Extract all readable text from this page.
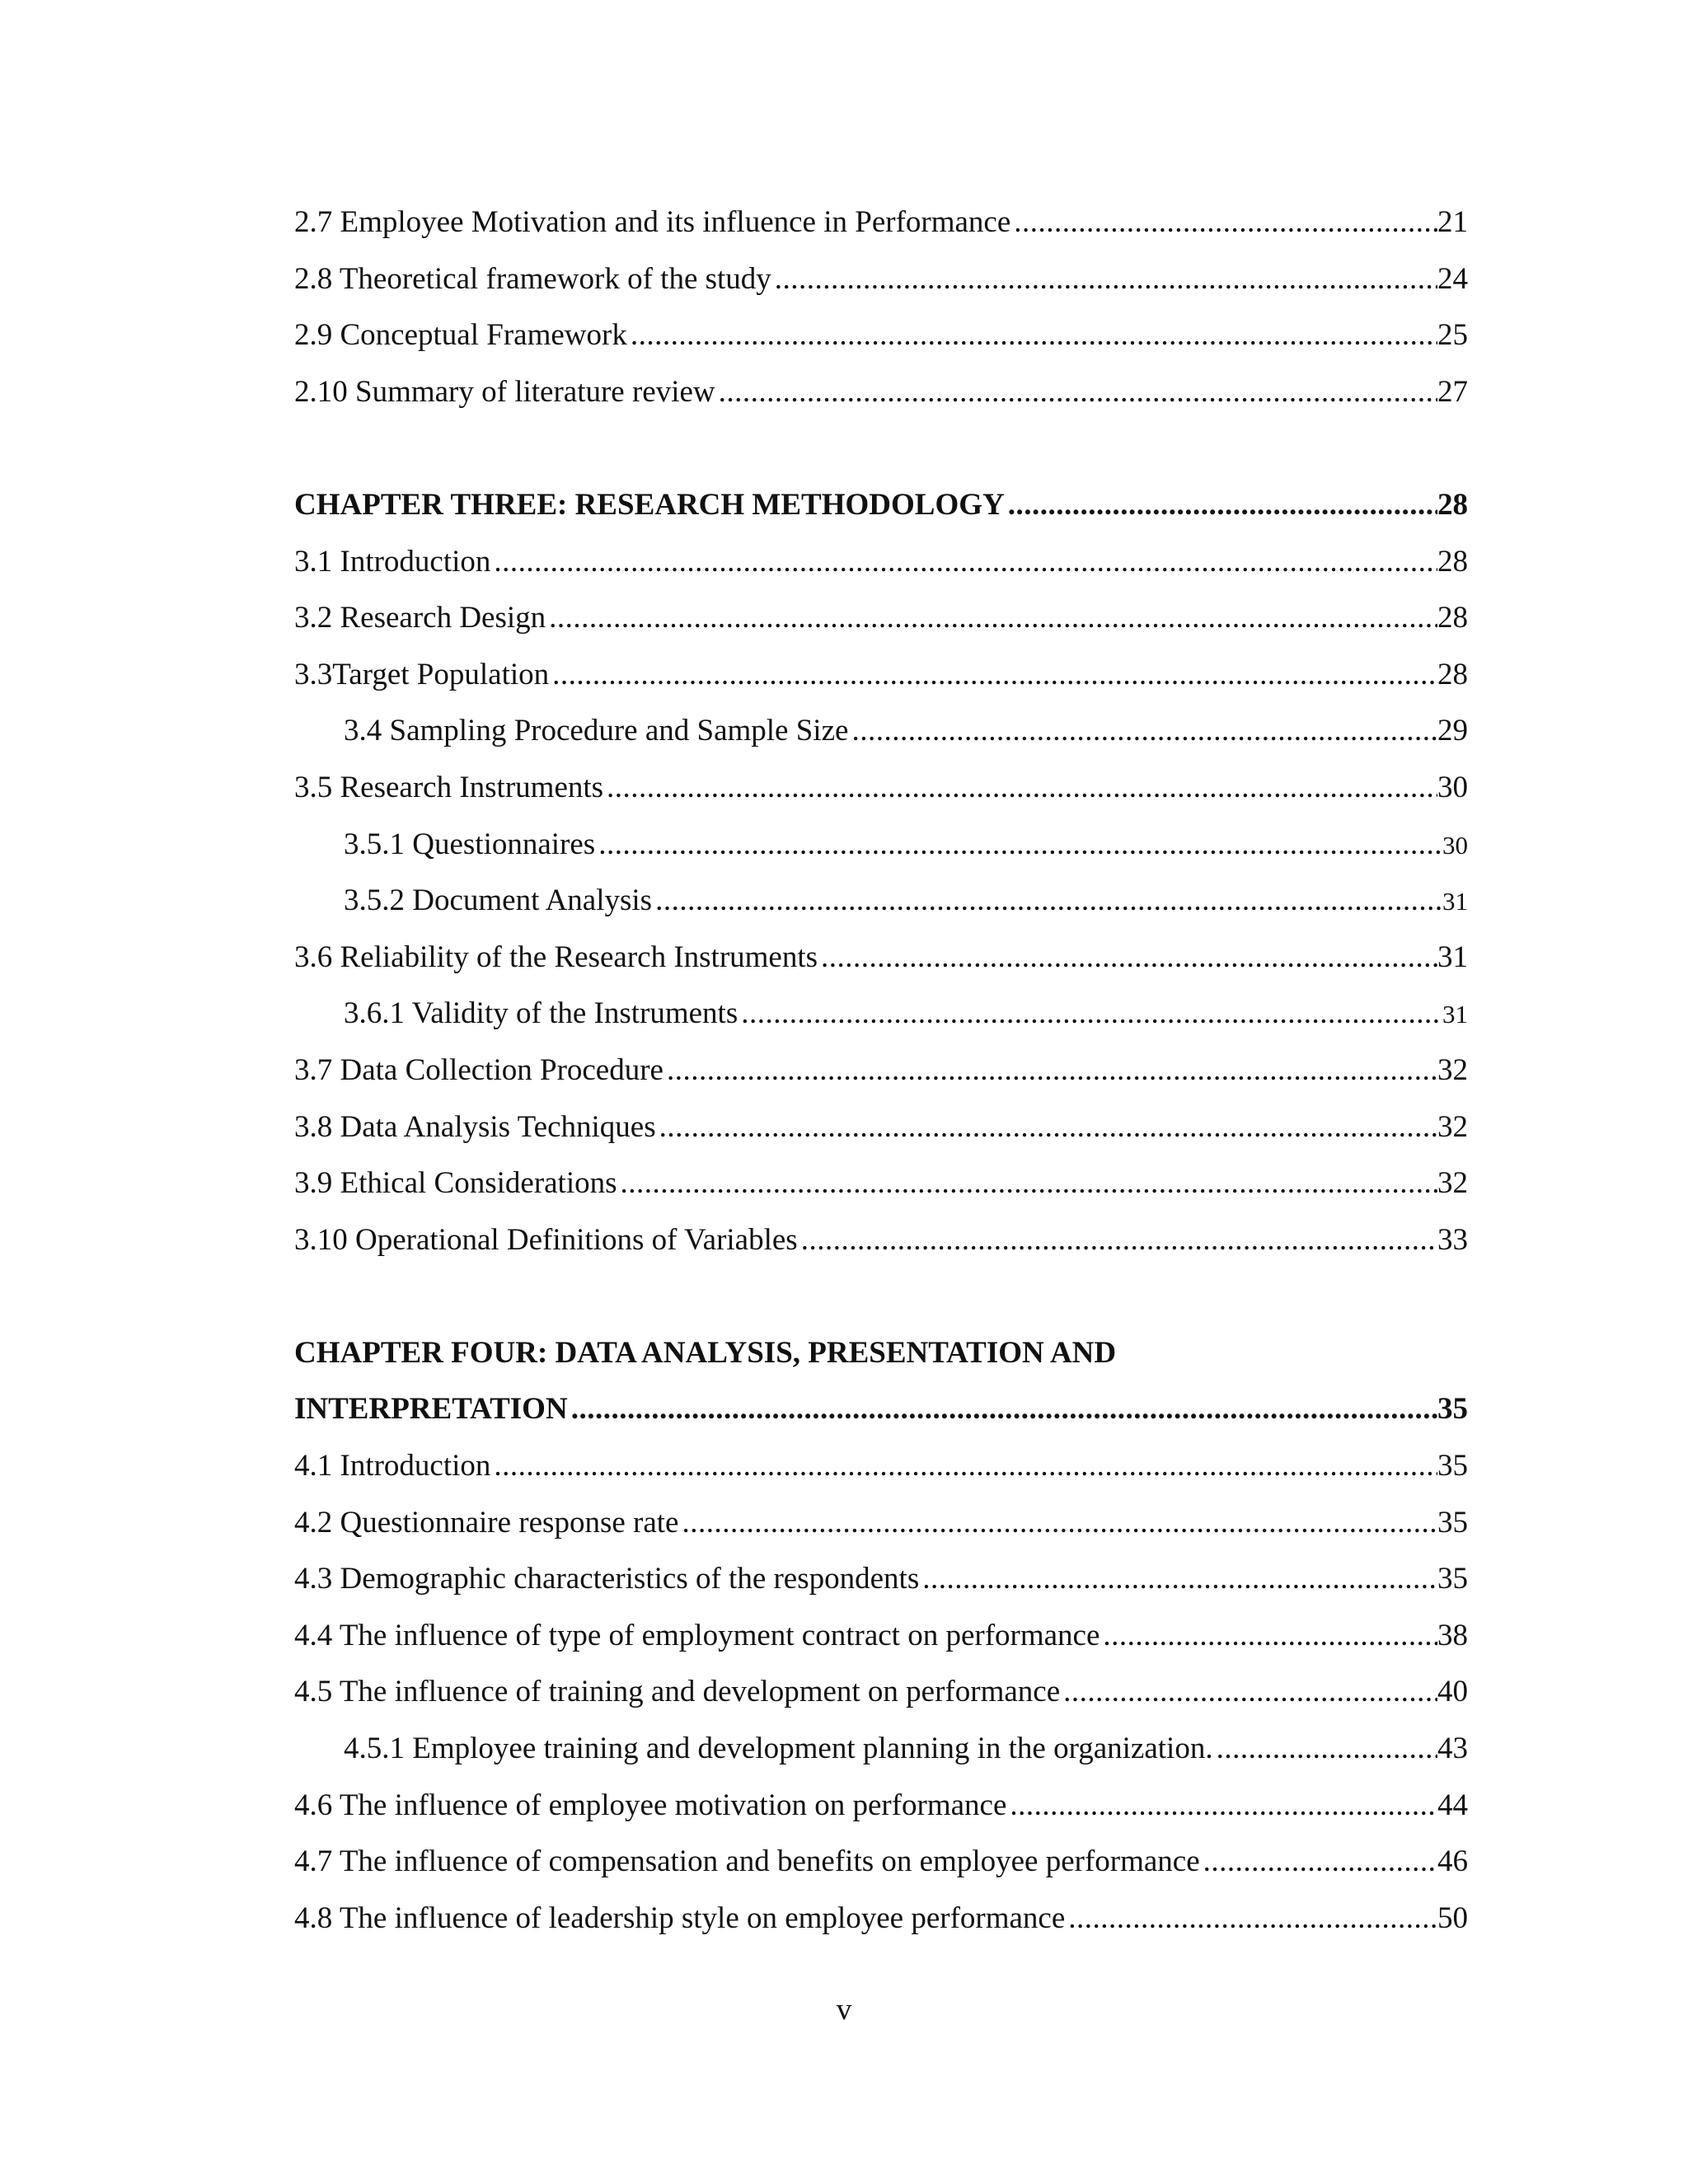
2.7 Employee Motivation and its influence in Performance .....	21
2.8 Theoretical framework of the study .....	24
2.9 Conceptual Framework .....	25
2.10 Summary of literature review .....	27
CHAPTER THREE: RESEARCH METHODOLOGY .....	28
3.1 Introduction .....	28
3.2 Research Design .....	28
3.3Target Population .....	28
3.4 Sampling Procedure and Sample Size .....	29
3.5 Research Instruments .....	30
3.5.1 Questionnaires .....	30
3.5.2 Document Analysis .....	31
3.6 Reliability of the Research Instruments .....	31
3.6.1 Validity of the Instruments .....	31
3.7 Data Collection Procedure .....	32
3.8 Data Analysis Techniques .....	32
3.9 Ethical Considerations .....	32
3.10 Operational Definitions of Variables .....	33
CHAPTER FOUR: DATA ANALYSIS, PRESENTATION AND
INTERPRETATION .....	35
4.1 Introduction .....	35
4.2 Questionnaire response rate .....	35
4.3 Demographic characteristics of the respondents .....	35
4.4 The influence of type of employment contract on performance .....	38
4.5 The influence of training and development on performance .....	40
4.5.1 Employee training and development planning in the organization. .....	43
4.6 The influence of employee motivation on performance .....	44
4.7 The influence of compensation and benefits on employee performance .....	46
4.8 The influence of leadership style on employee performance .....	50
v
